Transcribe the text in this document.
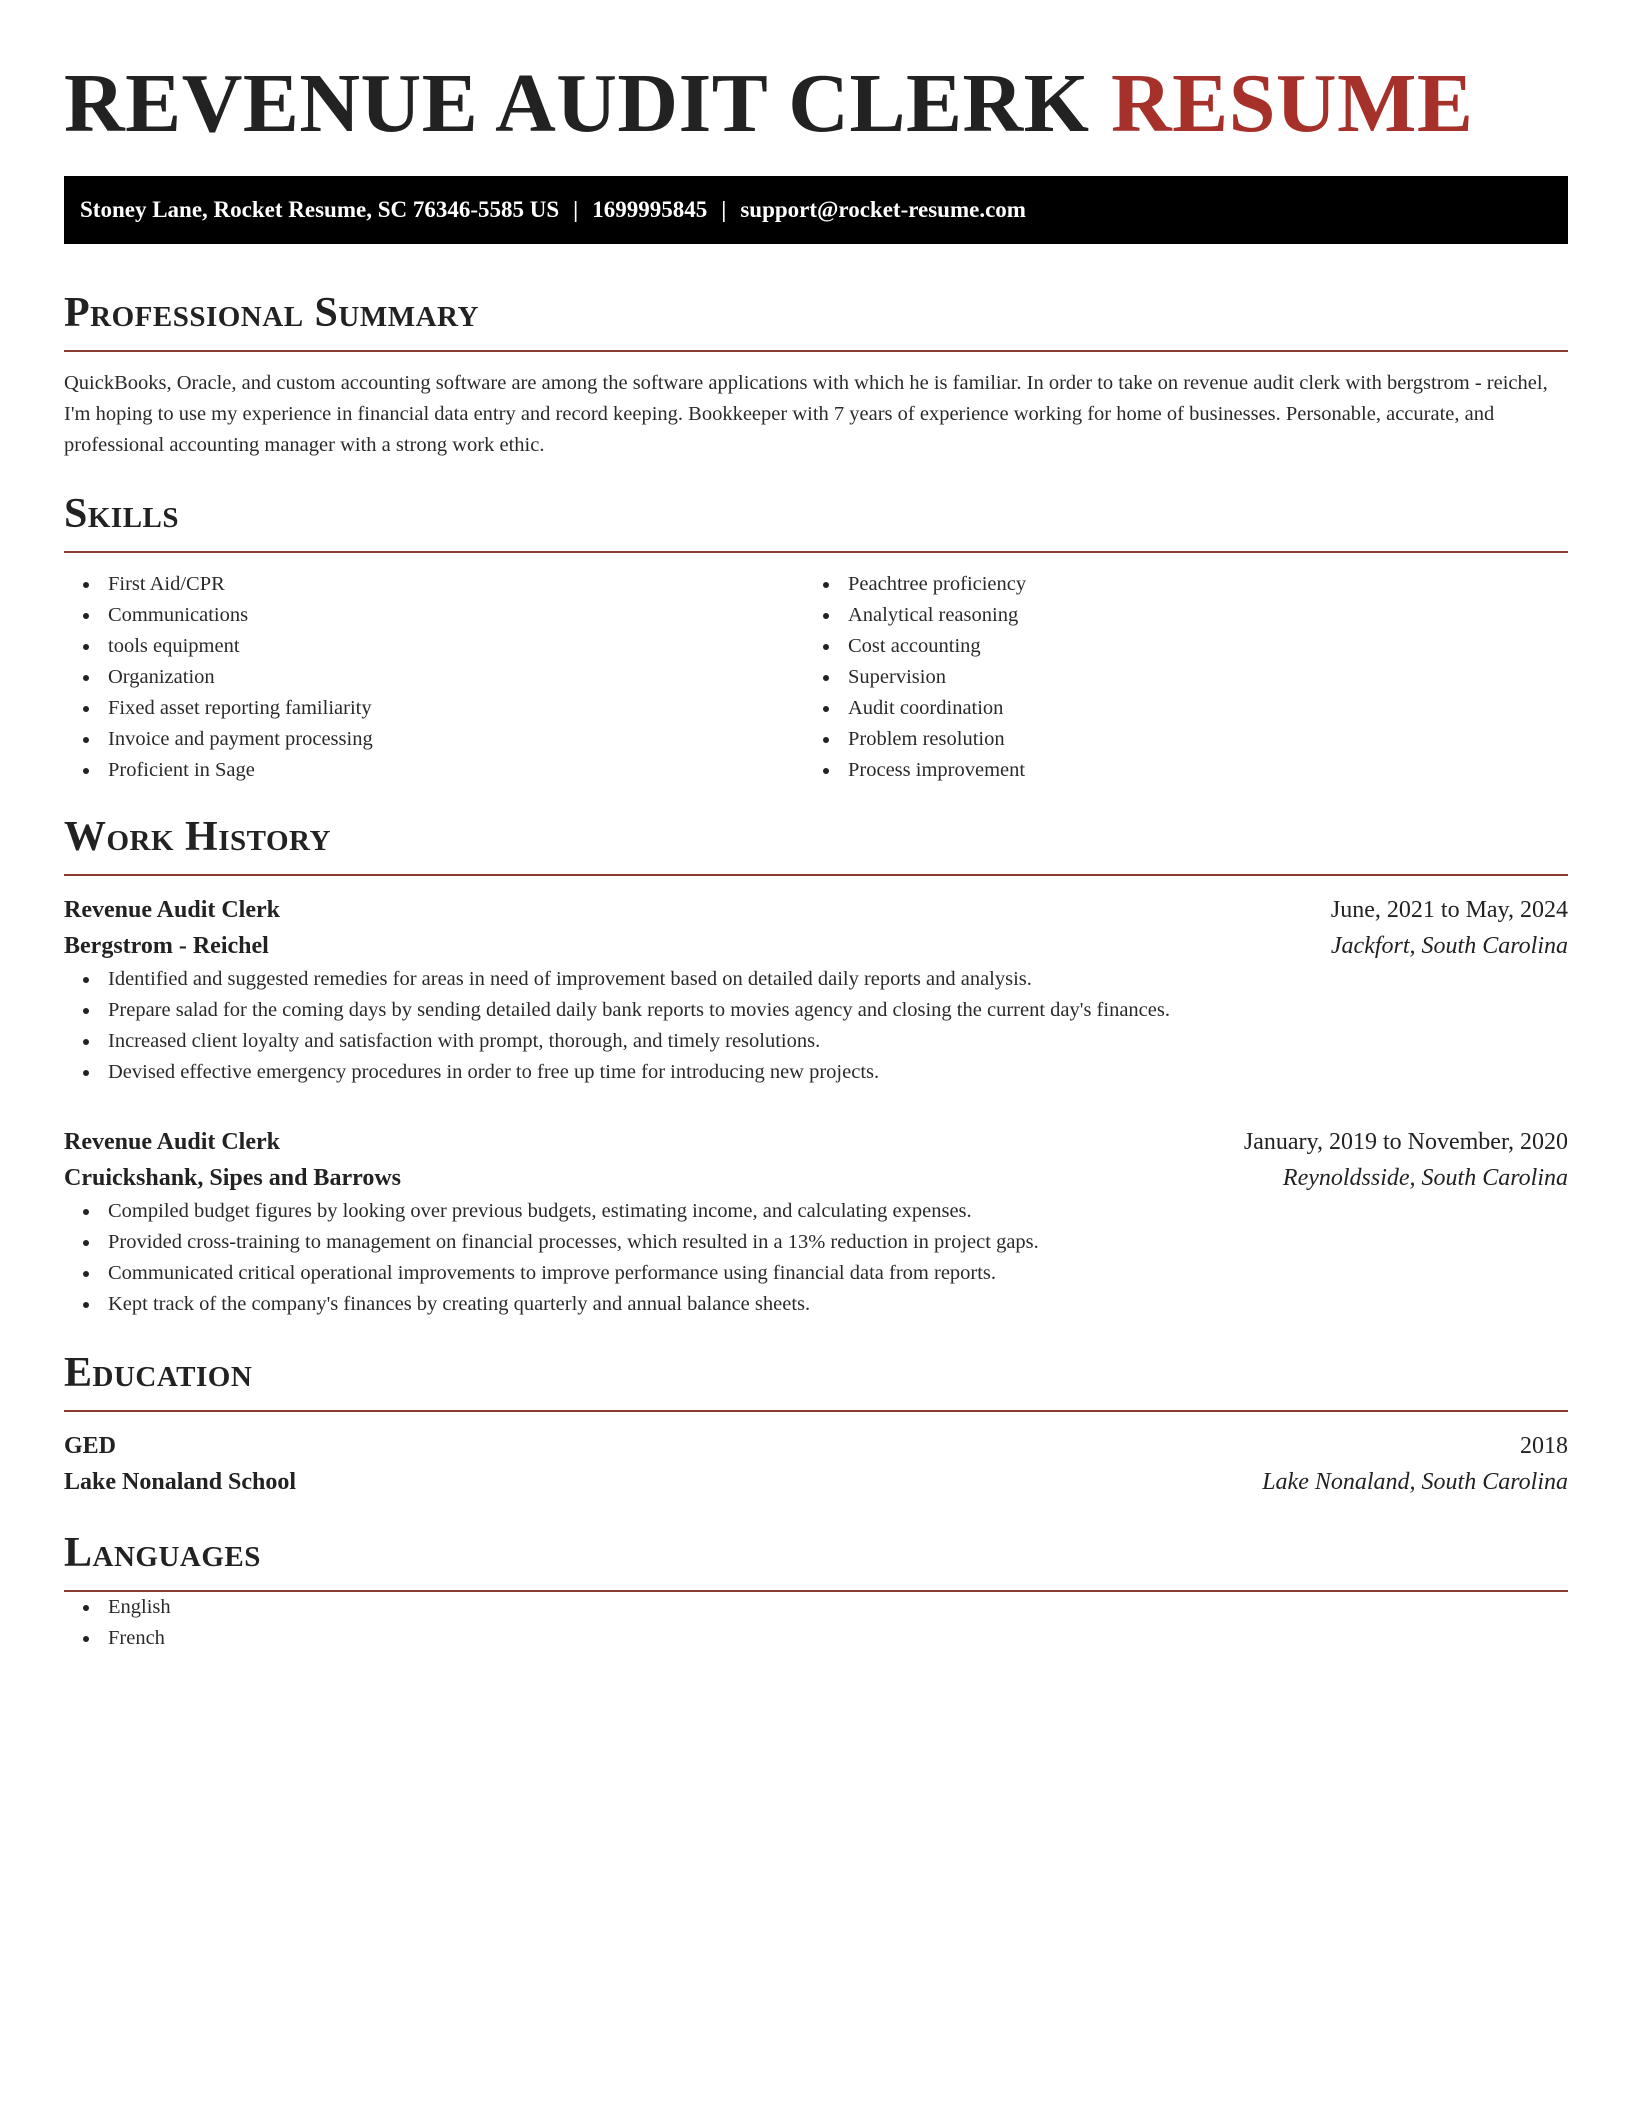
REVENUE AUDIT CLERK RESUME
Stoney Lane, Rocket Resume, SC 76346-5585 US | 1699995845 | support@rocket-resume.com
Professional Summary

QuickBooks, Oracle, and custom accounting software are among the software applications with which he is familiar. In order to take on revenue audit clerk with bergstrom - reichel, I'm hoping to use my experience in financial data entry and record keeping. Bookkeeper with 7 years of experience working for home of businesses. Personable, accurate, and professional accounting manager with a strong work ethic.

Skills
First Aid/CPR
Communications
tools equipment
Organization
Fixed asset reporting familiarity
Invoice and payment processing
Proficient in Sage
Peachtree proficiency
Analytical reasoning
Cost accounting
Supervision
Audit coordination
Problem resolution
Process improvement
Work History
Revenue Audit Clerk	June, 2021 to May, 2024
Bergstrom - Reichel	Jackfort, South Carolina
Identified and suggested remedies for areas in need of improvement based on detailed daily reports and analysis.
Prepare salad for the coming days by sending detailed daily bank reports to movies agency and closing the current day's finances.
Increased client loyalty and satisfaction with prompt, thorough, and timely resolutions.
Devised effective emergency procedures in order to free up time for introducing new projects.
Revenue Audit Clerk	January, 2019 to November, 2020
Cruickshank, Sipes and Barrows	Reynoldsside, South Carolina
Compiled budget figures by looking over previous budgets, estimating income, and calculating expenses.
Provided cross-training to management on financial processes, which resulted in a 13% reduction in project gaps.
Communicated critical operational improvements to improve performance using financial data from reports.
Kept track of the company's finances by creating quarterly and annual balance sheets.
Education
GED	2018
Lake Nonaland School	Lake Nonaland, South Carolina
Languages
English
French
